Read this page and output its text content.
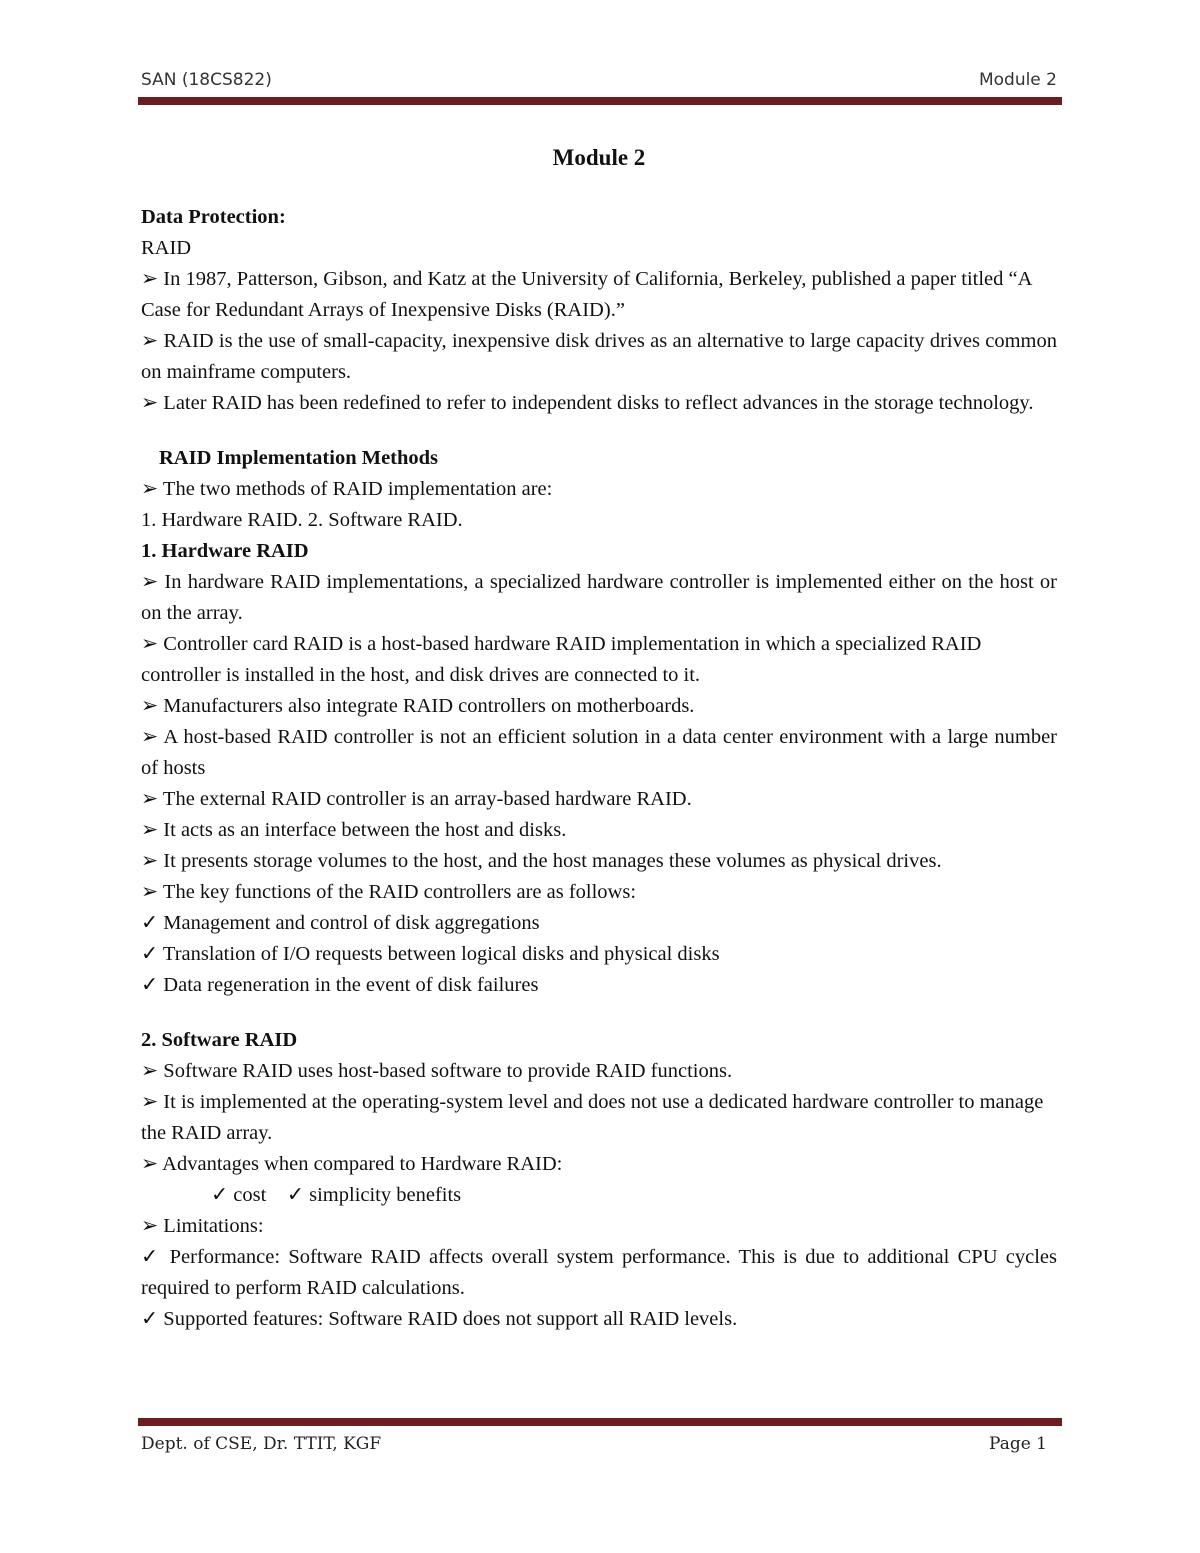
SAN (18CS822)	Module 2
Module 2

Data Protection:

RAID

➢ In 1987, Patterson, Gibson, and Katz at the University of California, Berkeley, published a paper titled “A Case for Redundant Arrays of Inexpensive Disks (RAID).”

➢ RAID is the use of small-capacity, inexpensive disk drives as an alternative to large capacity drives common on mainframe computers.

➢ Later RAID has been redefined to refer to independent disks to reflect advances in the storage technology.

RAID Implementation Methods

➢ The two methods of RAID implementation are:

1. Hardware RAID. 2. Software RAID.

1. Hardware RAID

➢ In hardware RAID implementations, a specialized hardware controller is implemented either on the host or on the array.

➢ Controller card RAID is a host-based hardware RAID implementation in which a specialized RAID controller is installed in the host, and disk drives are connected to it.

➢ Manufacturers also integrate RAID controllers on motherboards.

➢ A host-based RAID controller is not an efficient solution in a data center environment with a large number of hosts

➢ The external RAID controller is an array-based hardware RAID.

➢ It acts as an interface between the host and disks.

➢ It presents storage volumes to the host, and the host manages these volumes as physical drives.

➢ The key functions of the RAID controllers are as follows:

✓ Management and control of disk aggregations

✓ Translation of I/O requests between logical disks and physical disks

✓ Data regeneration in the event of disk failures

2. Software RAID

➢ Software RAID uses host-based software to provide RAID functions.

➢ It is implemented at the operating-system level and does not use a dedicated hardware controller to manage the RAID array.

➢ Advantages when compared to Hardware RAID:

✓ cost    ✓ simplicity benefits

➢ Limitations:

✓ Performance: Software RAID affects overall system performance. This is due to additional CPU cycles required to perform RAID calculations.

✓ Supported features: Software RAID does not support all RAID levels.

Dept. of CSE, Dr. TTIT, KGF	Page 1
